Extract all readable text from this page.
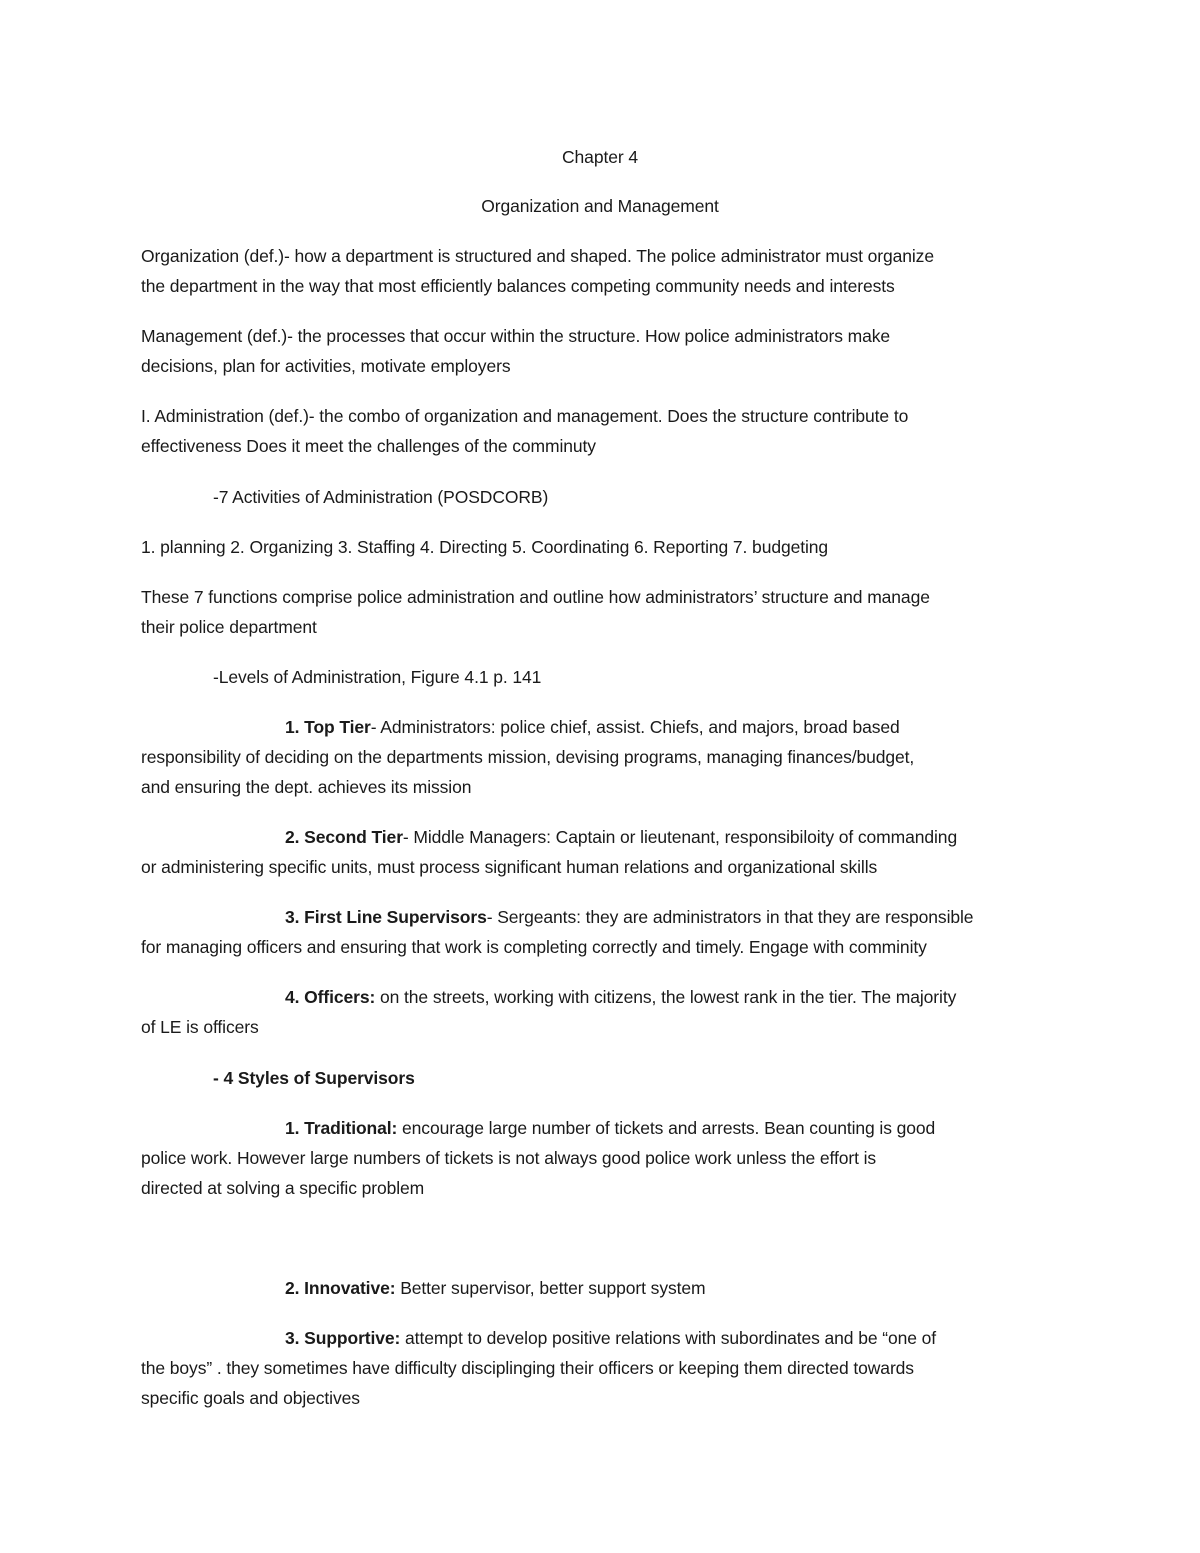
Chapter 4
Organization and Management
Organization (def.)- how a department is structured and shaped. The police administrator must organize
the department in the way that most efficiently balances competing community needs and interests
Management (def.)- the processes that occur within the structure. How police administrators make
decisions, plan for activities, motivate employers
I. Administration (def.)- the combo of organization and management. Does the structure contribute to
effectiveness Does it meet the challenges of the comminuty
-7 Activities of Administration (POSDCORB)
1. planning 2. Organizing 3. Staffing 4. Directing 5. Coordinating 6. Reporting 7. budgeting
These 7 functions comprise police administration and outline how administrators’ structure and manage
their police department
-Levels of Administration, Figure 4.1 p. 141
1. Top Tier- Administrators: police chief, assist. Chiefs, and majors, broad based
responsibility of deciding on the departments mission, devising programs, managing finances/budget,
and ensuring the dept. achieves its mission
2. Second Tier- Middle Managers: Captain or lieutenant, responsibiloity of commanding
or administering specific units, must process significant human relations and organizational skills
3. First Line Supervisors- Sergeants: they are administrators in that they are responsible
for managing officers and ensuring that work is completing correctly and timely. Engage with comminity
4. Officers: on the streets, working with citizens, the lowest rank in the tier. The majority
of LE is officers
- 4 Styles of Supervisors
1. Traditional: encourage large number of tickets and arrests. Bean counting is good
police work. However large numbers of tickets is not always good police work unless the effort is
directed at solving a specific problem
2. Innovative: Better supervisor, better support system
3. Supportive: attempt to develop positive relations with subordinates and be “one of
the boys” . they sometimes have difficulty disciplinging their officers or keeping them directed towards
specific goals and objectives
